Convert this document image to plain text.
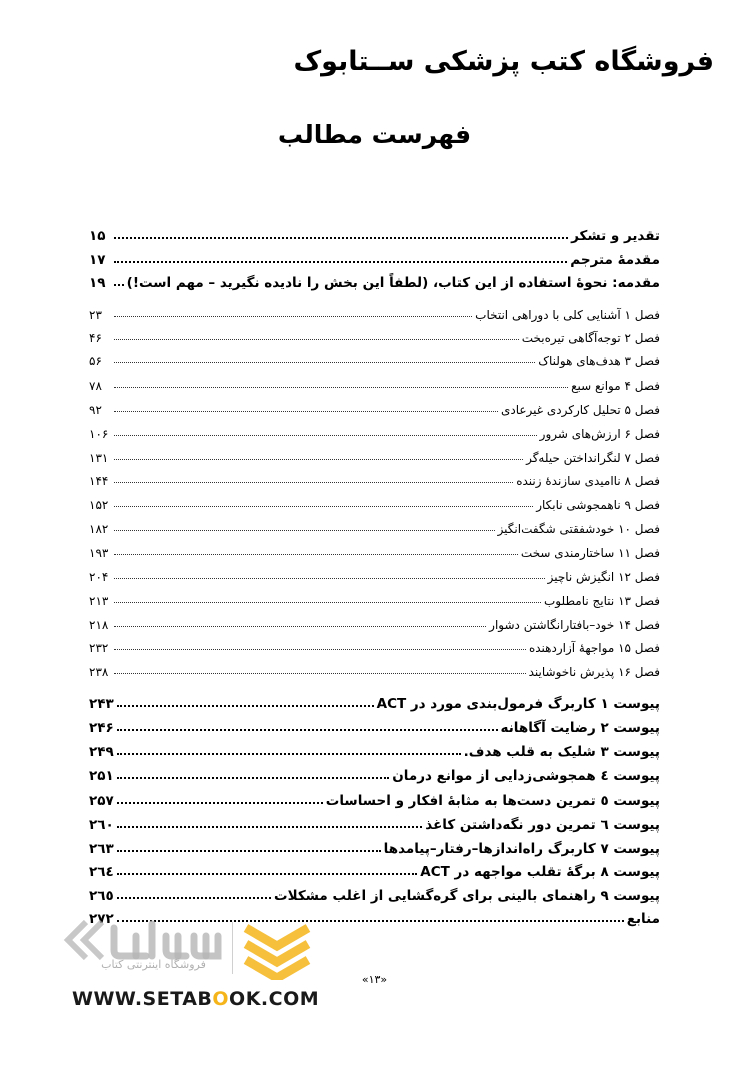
فروشگاه کتب پزشکی ســتابوک
فهرست مطالب
تقدیر و تشکر
۱۵
مقدمۀ مترجم
۱۷
مقدمه: نحوۀ استفاده از این کتاب، (لطفاً این بخش را نادیده نگیرید – مهم است!)
۱۹
فصل ۱ آشنایی کلی با دوراهی انتخاب
۲۳
فصل ۲ توجه‌آگاهی تیره‌بخت
۴۶
فصل ۳ هدف‌های هولناک
۵۶
فصل ۴ موانع سبع
۷۸
فصل ۵ تحلیل کارکردی غیرعادی
۹۲
فصل ۶ ارزش‌های شرور
۱۰۶
فصل ۷ لنگرانداختن حیله‌گر
۱۳۱
فصل ۸ ناامیدی سازندۀ زننده
۱۴۴
فصل ۹ ناهمجوشی نابکار
۱۵۲
فصل ۱۰ خودشفقتی شگفت‌انگیز
۱۸۲
فصل ۱۱ ساختارمندی سخت
۱۹۳
فصل ۱۲ انگیزش ناچیز
۲۰۴
فصل ۱۳ نتایج نامطلوب
۲۱۳
فصل ۱۴ خود–بافتارانگاشتن دشوار
۲۱۸
فصل ۱۵ مواجهۀ آزاردهنده
۲۳۲
فصل ۱۶ پذیرش ناخوشایند
۲۳۸
پیوست ۱ کاربرگ فرمول‌بندی مورد در ACT
۲۴۳
پیوست ۲ رضایت آگاهانه
۲۴۶
پیوست ۳ شلیک به قلب هدف.
۲۴۹
پیوست ٤ همجوشی‌زدایی از موانع درمان
۲۵۱
پیوست ٥ تمرین دست‌ها به مثابۀ افکار و احساسات
۲۵۷
پیوست ٦ تمرین دور نگه‌داشتن کاغذ
۲٦۰
پیوست ۷ کاربرگ راه‌اندازها–رفتار–پیامدها
۲٦۳
پیوست ۸ برگۀ تقلب مواجهه در ACT
۲٦٤
پیوست ۹ راهنمای بالینی برای گره‌گشایی از اغلب مشکلات
۲٦٥
منابع
۲۷۲
«۱۳»
فروشگاه اینترنتی کتاب
WWW.SETABOOK.COM
